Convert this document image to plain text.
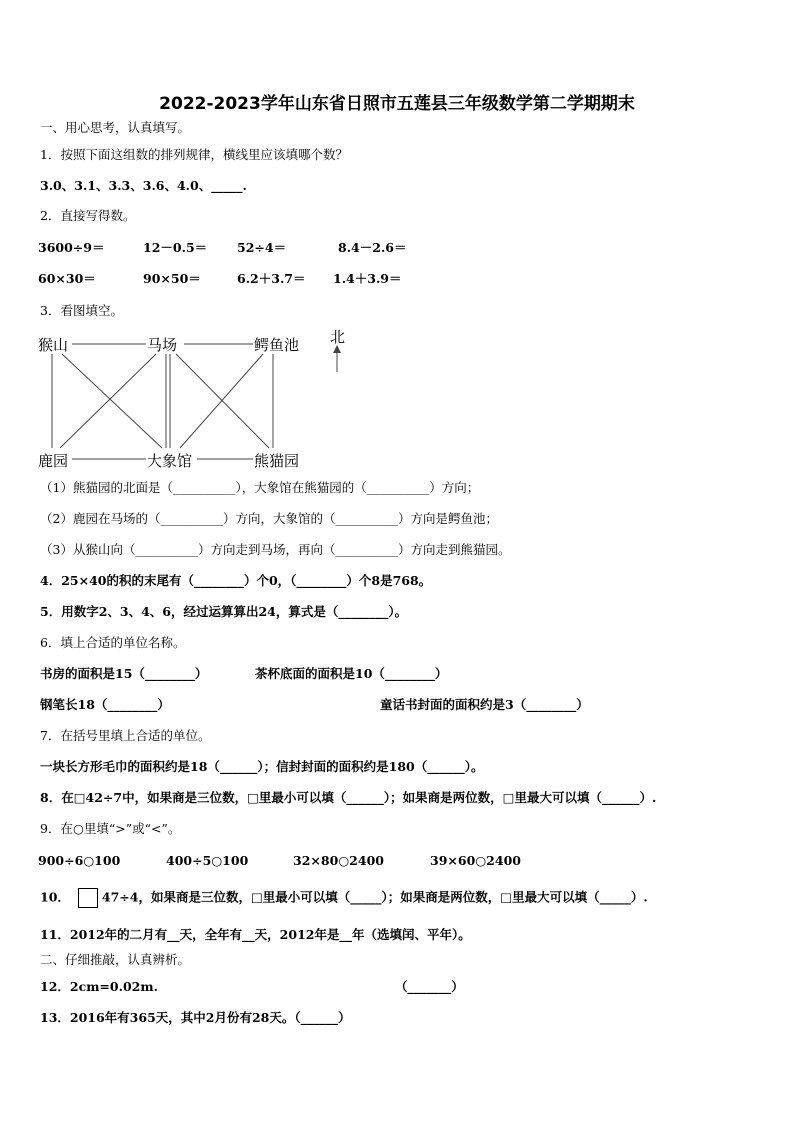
2022-2023学年山东省日照市五莲县三年级数学第二学期期末
一、用心思考，认真填写。
1．按照下面这组数的排列规律，横线里应该填哪个数？
3.0、3.1、3.3、3.6、4.0、_____.
2．直接写得数。
3600÷9＝	12－0.5＝ 52÷4＝	8.4－2.6＝
60×30＝	90×50＝	6.2＋3.7＝ 1.4＋3.9＝
3．看图填空。
猴山	马场	鳄鱼池
鹿园	大象馆	熊猫园
北
（1）熊猫园的北面是（__________），大象馆在熊猫园的（__________）方向；
（2）鹿园在马场的（__________）方向，大象馆的（__________）方向是鳄鱼池；
（3）从猴山向（__________）方向走到马场，再向（__________）方向走到熊猫园。
4．25×40的积的末尾有（________）个0，（________）个8是768。
5．用数字2、3、4、6，经过运算算出24，算式是（________）。
6．填上合适的单位名称。
书房的面积是15（________）	茶杯底面的面积是10（________）
钢笔长18（________）	童话书封面的面积约是3（________）
7．在括号里填上合适的单位。
一块长方形毛巾的面积约是18（______）；信封封面的面积约是180（______）。
8．在□42÷7中，如果商是三位数，□里最小可以填（______）；如果商是两位数，□里最大可以填（______）.
9．在○里填“>”或“<”。
900÷6○100	400÷5○100	32×80○2400	39×60○2400
10．	47÷4，如果商是三位数，□里最小可以填（_____）；如果商是两位数，□里最大可以填（_____）.
11．2012年的二月有__天，全年有__天，2012年是__年（选填闰、平年）。
二、仔细推敲，认真辨析。
12．2cm=0.02m.	（_______）
13．2016年有365天，其中2月份有28天。（______）
